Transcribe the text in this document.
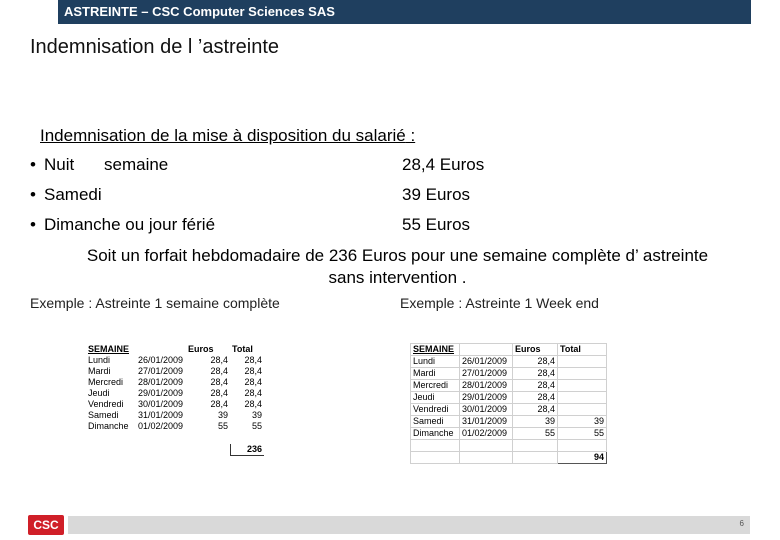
ASTREINTE – CSC Computer Sciences SAS
Indemnisation de l ’astreinte
Indemnisation de la mise à disposition du salarié :
• Nuit semaine	28,4 Euros
• Samedi	39 Euros
• Dimanche ou jour férié	55 Euros
Soit un forfait hebdomadaire de 236 Euros pour une semaine complète d’ astreinte
sans intervention .
Exemple : Astreinte 1 semaine complète	Exemple : Astreinte 1 Week end
SEMAINE		Euros	Total
Lundi	26/01/2009	28,4	28,4
Mardi	27/01/2009	28,4	28,4
Mercredi	28/01/2009	28,4	28,4
Jeudi	29/01/2009	28,4	28,4
Vendredi	30/01/2009	28,4	28,4
Samedi	31/01/2009	39	39
Dimanche	01/02/2009	55	55

			236
SEMAINE		Euros	Total
Lundi	26/01/2009	28,4	
Mardi	27/01/2009	28,4	
Mercredi	28/01/2009	28,4	
Jeudi	29/01/2009	28,4	
Vendredi	30/01/2009	28,4	
Samedi	31/01/2009	39	39
Dimanche	01/02/2009	55	55

			94
CSC	6
